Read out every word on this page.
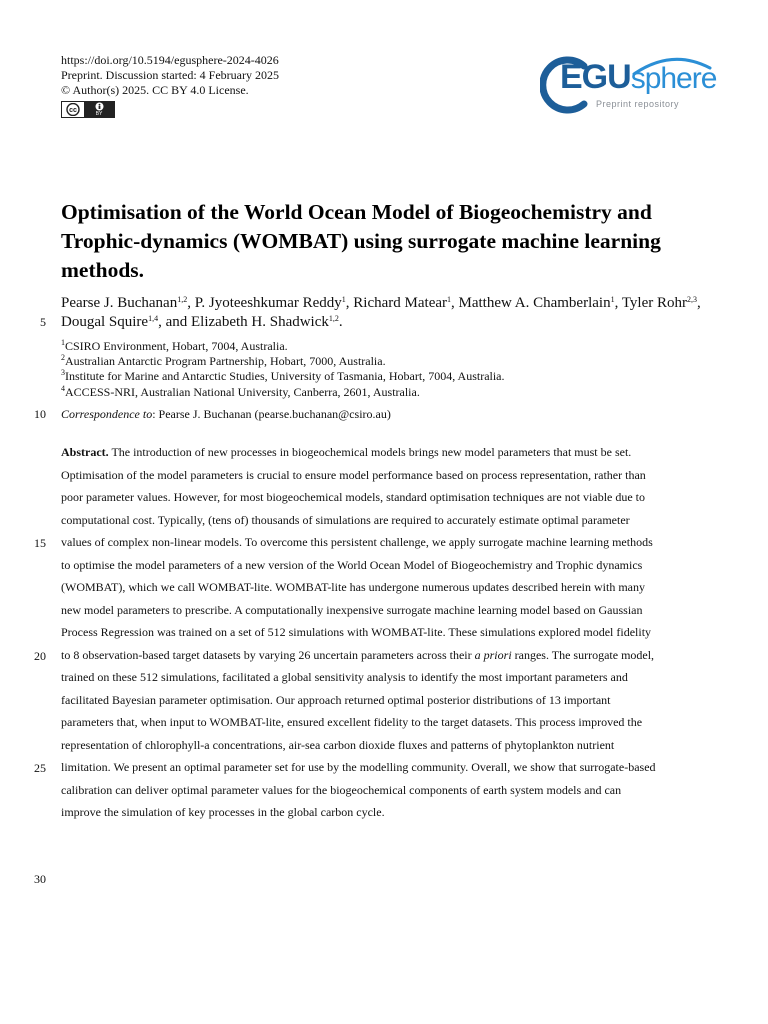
https://doi.org/10.5194/egusphere-2024-4026
Preprint. Discussion started: 4 February 2025
© Author(s) 2025. CC BY 4.0 License.
cc	BY
EGUsphere
Preprint repository
Optimisation of the World Ocean Model of Biogeochemistry and
Trophic-dynamics (WOMBAT) using surrogate machine learning
methods.
Pearse J. Buchanan$^{1,2}$, P. Jyoteeshkumar Reddy$^1$, Richard Matear$^1$, Matthew A. Chamberlain$^1$, Tyler Rohr$^{2,3}$, Dougal Squire$^{1,4}$, and Elizabeth H. Shadwick$^{1,2}$.
$^1$CSIRO Environment, Hobart, 7004, Australia.
$^2$Australian Antarctic Program Partnership, Hobart, 7000, Australia.
$^3$Institute for Marine and Antarctic Studies, University of Tasmania, Hobart, 7004, Australia.
$^4$ACCESS-NRI, Australian National University, Canberra, 2601, Australia.
Correspondence to: Pearse J. Buchanan (pearse.buchanan@csiro.au)
Abstract. The introduction of new processes in biogeochemical models brings new model parameters that must be set.
Optimisation of the model parameters is crucial to ensure model performance based on process representation, rather than
poor parameter values. However, for most biogeochemical models, standard optimisation techniques are not viable due to
computational cost. Typically, (tens of) thousands of simulations are required to accurately estimate optimal parameter
values of complex non-linear models. To overcome this persistent challenge, we apply surrogate machine learning methods
to optimise the model parameters of a new version of the World Ocean Model of Biogeochemistry and Trophic dynamics
(WOMBAT), which we call WOMBAT-lite. WOMBAT-lite has undergone numerous updates described herein with many
new model parameters to prescribe. A computationally inexpensive surrogate machine learning model based on Gaussian
Process Regression was trained on a set of 512 simulations with WOMBAT-lite. These simulations explored model fidelity
to 8 observation-based target datasets by varying 26 uncertain parameters across their a priori ranges. The surrogate model,
trained on these 512 simulations, facilitated a global sensitivity analysis to identify the most important parameters and
facilitated Bayesian parameter optimisation. Our approach returned optimal posterior distributions of 13 important
parameters that, when input to WOMBAT-lite, ensured excellent fidelity to the target datasets. This process improved the
representation of chlorophyll-a concentrations, air-sea carbon dioxide fluxes and patterns of phytoplankton nutrient
limitation. We present an optimal parameter set for use by the modelling community. Overall, we show that surrogate-based
calibration can deliver optimal parameter values for the biogeochemical components of earth system models and can
improve the simulation of key processes in the global carbon cycle.
5
10
15
20
25
30
